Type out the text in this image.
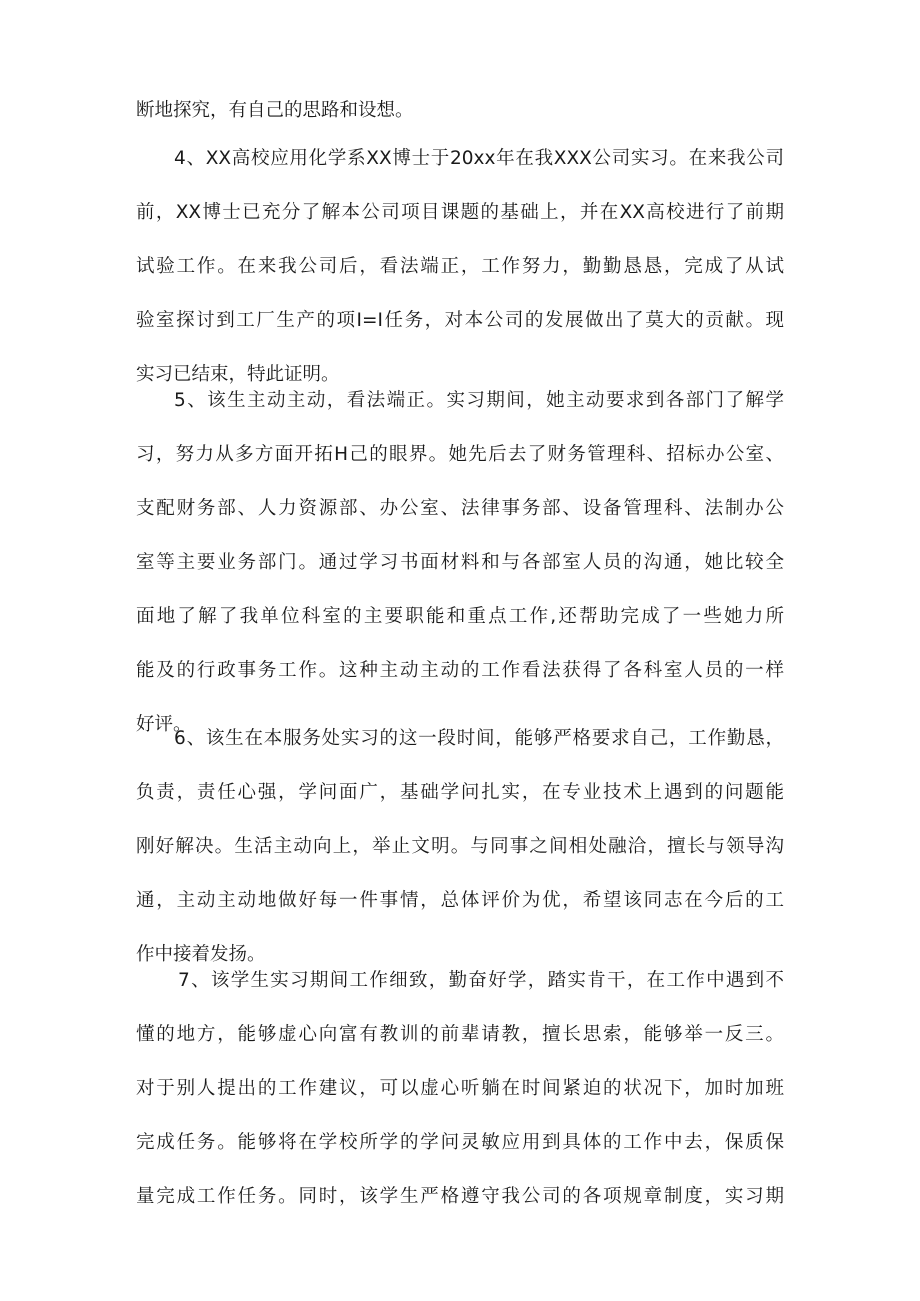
断地探究，有自己的思路和设想。
4、XX高校应用化学系XX博士于20xx年在我XXX公司实习。在来我公司
前，XX博士已充分了解本公司项目课题的基础上，并在XX高校进行了前期
试验工作。在来我公司后，看法端正，工作努力，勤勤恳恳，完成了从试
验室探讨到工厂生产的项I=I任务，对本公司的发展做出了莫大的贡献。现
实习已结束，特此证明。
5、该生主动主动，看法端正。实习期间，她主动要求到各部门了解学
习，努力从多方面开拓H己的眼界。她先后去了财务管理科、招标办公室、
支配财务部、人力资源部、办公室、法律事务部、设备管理科、法制办公
室等主要业务部门。通过学习书面材料和与各部室人员的沟通，她比较全
面地了解了我单位科室的主要职能和重点工作,还帮助完成了一些她力所
能及的行政事务工作。这种主动主动的工作看法获得了各科室人员的一样
好评。
6、该生在本服务处实习的这一段时间，能够严格要求自己，工作勤恳，
负责，责任心强，学问面广，基础学问扎实，在专业技术上遇到的问题能
刚好解决。生活主动向上，举止文明。与同事之间相处融洽，擅长与领导沟
通，主动主动地做好每一件事情，总体评价为优，希望该同志在今后的工
作中接着发扬。
7、该学生实习期间工作细致，勤奋好学，踏实肯干，在工作中遇到不
懂的地方，能够虚心向富有教训的前辈请教，擅长思索，能够举一反三。
对于别人提出的工作建议，可以虚心听躺在时间紧迫的状况下，加时加班
完成任务。能够将在学校所学的学问灵敏应用到具体的工作中去，保质保
量完成工作任务。同时，该学生严格遵守我公司的各项规章制度，实习期
